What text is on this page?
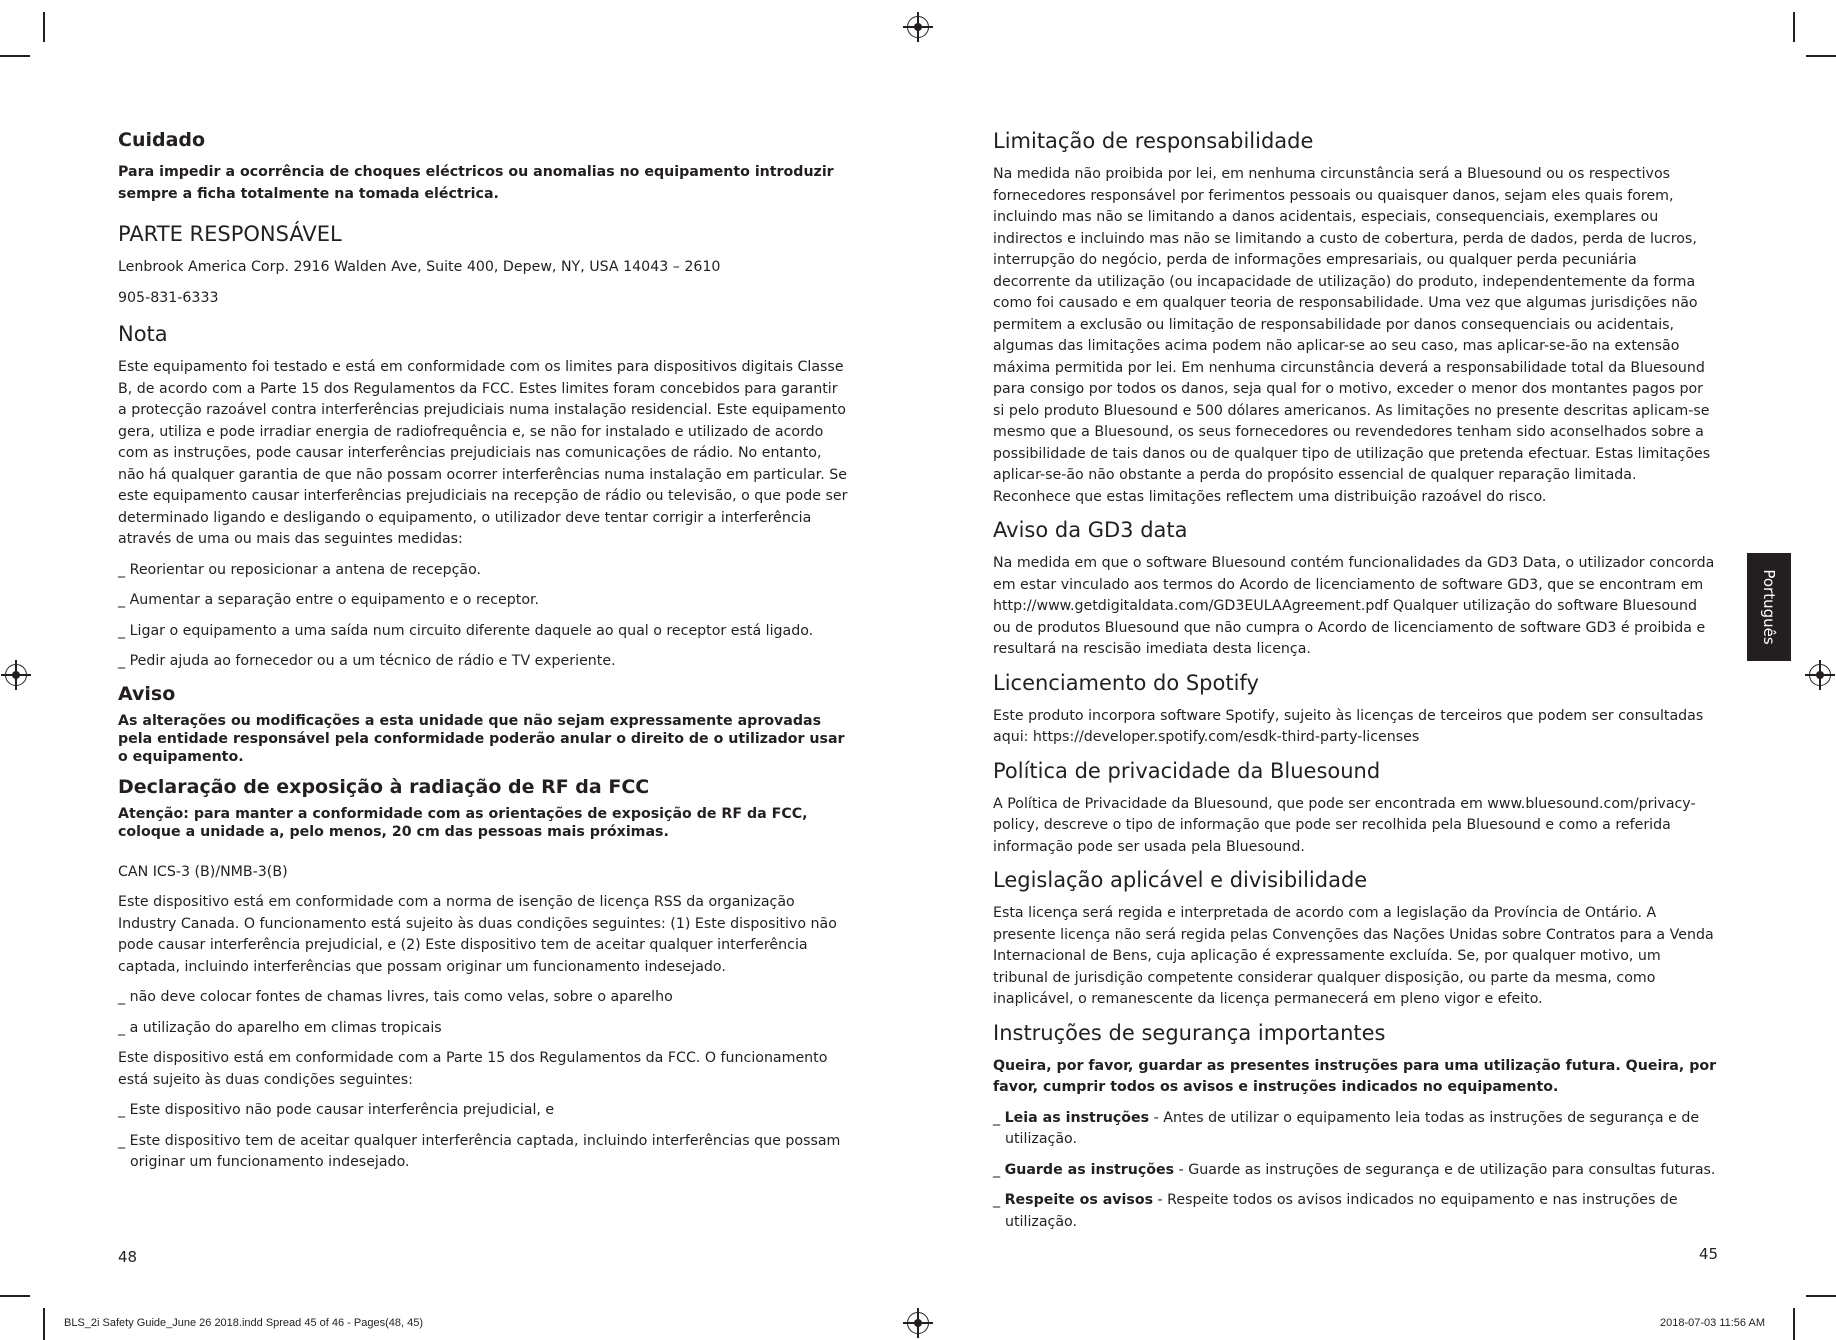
Cuidado

Para impedir a ocorrência de choques eléctricos ou anomalias no equipamento introduzir sempre a ficha totalmente na tomada eléctrica.

PARTE RESPONSÁVEL

Lenbrook America Corp. 2916 Walden Ave, Suite 400, Depew, NY, USA 14043 – 2610

905-831-6333

Nota

Este equipamento foi testado e está em conformidade com os limites para dispositivos digitais Classe B, de acordo com a Parte 15 dos Regulamentos da FCC. Estes limites foram concebidos para garantir a protecção razoável contra interferências prejudiciais numa instalação residencial. Este equipamento gera, utiliza e pode irradiar energia de radiofrequência e, se não for instalado e utilizado de acordo com as instruções, pode causar interferências prejudiciais nas comunicações de rádio. No entanto, não há qualquer garantia de que não possam ocorrer interferências numa instalação em particular. Se este equipamento causar interferências prejudiciais na recepção de rádio ou televisão, o que pode ser determinado ligando e desligando o equipamento, o utilizador deve tentar corrigir a interferência através de uma ou mais das seguintes medidas:

_ Reorientar ou reposicionar a antena de recepção.

_ Aumentar a separação entre o equipamento e o receptor.

_ Ligar o equipamento a uma saída num circuito diferente daquele ao qual o receptor está ligado.

_ Pedir ajuda ao fornecedor ou a um técnico de rádio e TV experiente.

Aviso

As alterações ou modificações a esta unidade que não sejam expressamente aprovadas pela entidade responsável pela conformidade poderão anular o direito de o utilizador usar o equipamento.

Declaração de exposição à radiação de RF da FCC

Atenção: para manter a conformidade com as orientações de exposição de RF da FCC, coloque a unidade a, pelo menos, 20 cm das pessoas mais próximas.

CAN ICS-3 (B)/NMB-3(B)

Este dispositivo está em conformidade com a norma de isenção de licença RSS da organização Industry Canada. O funcionamento está sujeito às duas condições seguintes: (1) Este dispositivo não pode causar interferência prejudicial, e (2) Este dispositivo tem de aceitar qualquer interferência captada, incluindo interferências que possam originar um funcionamento indesejado.

_ não deve colocar fontes de chamas livres, tais como velas, sobre o aparelho

_ a utilização do aparelho em climas tropicais

Este dispositivo está em conformidade com a Parte 15 dos Regulamentos da FCC. O funcionamento está sujeito às duas condições seguintes:

_ Este dispositivo não pode causar interferência prejudicial, e

_ Este dispositivo tem de aceitar qualquer interferência captada, incluindo interferências que possam originar um funcionamento indesejado.

Limitação de responsabilidade

Na medida não proibida por lei, em nenhuma circunstância será a Bluesound ou os respectivos fornecedores responsável por ferimentos pessoais ou quaisquer danos, sejam eles quais forem, incluindo mas não se limitando a danos acidentais, especiais, consequenciais, exemplares ou indirectos e incluindo mas não se limitando a custo de cobertura, perda de dados, perda de lucros, interrupção do negócio, perda de informações empresariais, ou qualquer perda pecuniária decorrente da utilização (ou incapacidade de utilização) do produto, independentemente da forma como foi causado e em qualquer teoria de responsabilidade. Uma vez que algumas jurisdições não permitem a exclusão ou limitação de responsabilidade por danos consequenciais ou acidentais, algumas das limitações acima podem não aplicar-se ao seu caso, mas aplicar-se-ão na extensão máxima permitida por lei. Em nenhuma circunstância deverá a responsabilidade total da Bluesound para consigo por todos os danos, seja qual for o motivo, exceder o menor dos montantes pagos por si pelo produto Bluesound e 500 dólares americanos. As limitações no presente descritas aplicam-se mesmo que a Bluesound, os seus fornecedores ou revendedores tenham sido aconselhados sobre a possibilidade de tais danos ou de qualquer tipo de utilização que pretenda efectuar. Estas limitações aplicar-se-ão não obstante a perda do propósito essencial de qualquer reparação limitada. Reconhece que estas limitações reflectem uma distribuição razoável do risco.

Aviso da GD3 data

Na medida em que o software Bluesound contém funcionalidades da GD3 Data, o utilizador concorda em estar vinculado aos termos do Acordo de licenciamento de software GD3, que se encontram em http://www.getdigitaldata.com/GD3EULAAgreement.pdf Qualquer utilização do software Bluesound ou de produtos Bluesound que não cumpra o Acordo de licenciamento de software GD3 é proibida e resultará na rescisão imediata desta licença.

Licenciamento do Spotify

Este produto incorpora software Spotify, sujeito às licenças de terceiros que podem ser consultadas aqui: https://developer.spotify.com/esdk-third-party-licenses

Política de privacidade da Bluesound

A Política de Privacidade da Bluesound, que pode ser encontrada em www.bluesound.com/privacy-policy, descreve o tipo de informação que pode ser recolhida pela Bluesound e como a referida informação pode ser usada pela Bluesound.

Legislação aplicável e divisibilidade

Esta licença será regida e interpretada de acordo com a legislação da Província de Ontário. A presente licença não será regida pelas Convenções das Nações Unidas sobre Contratos para a Venda Internacional de Bens, cuja aplicação é expressamente excluída. Se, por qualquer motivo, um tribunal de jurisdição competente considerar qualquer disposição, ou parte da mesma, como inaplicável, o remanescente da licença permanecerá em pleno vigor e efeito.

Instruções de segurança importantes

Queira, por favor, guardar as presentes instruções para uma utilização futura. Queira, por favor, cumprir todos os avisos e instruções indicados no equipamento.

_ Leia as instruções - Antes de utilizar o equipamento leia todas as instruções de segurança e de utilização.

_ Guarde as instruções - Guarde as instruções de segurança e de utilização para consultas futuras.

_ Respeite os avisos - Respeite todos os avisos indicados no equipamento e nas instruções de utilização.

Português
48	45
BLS_2i Safety Guide_June 26 2018.indd Spread 45 of 46 - Pages(48, 45)	2018-07-03 11:56 AM
